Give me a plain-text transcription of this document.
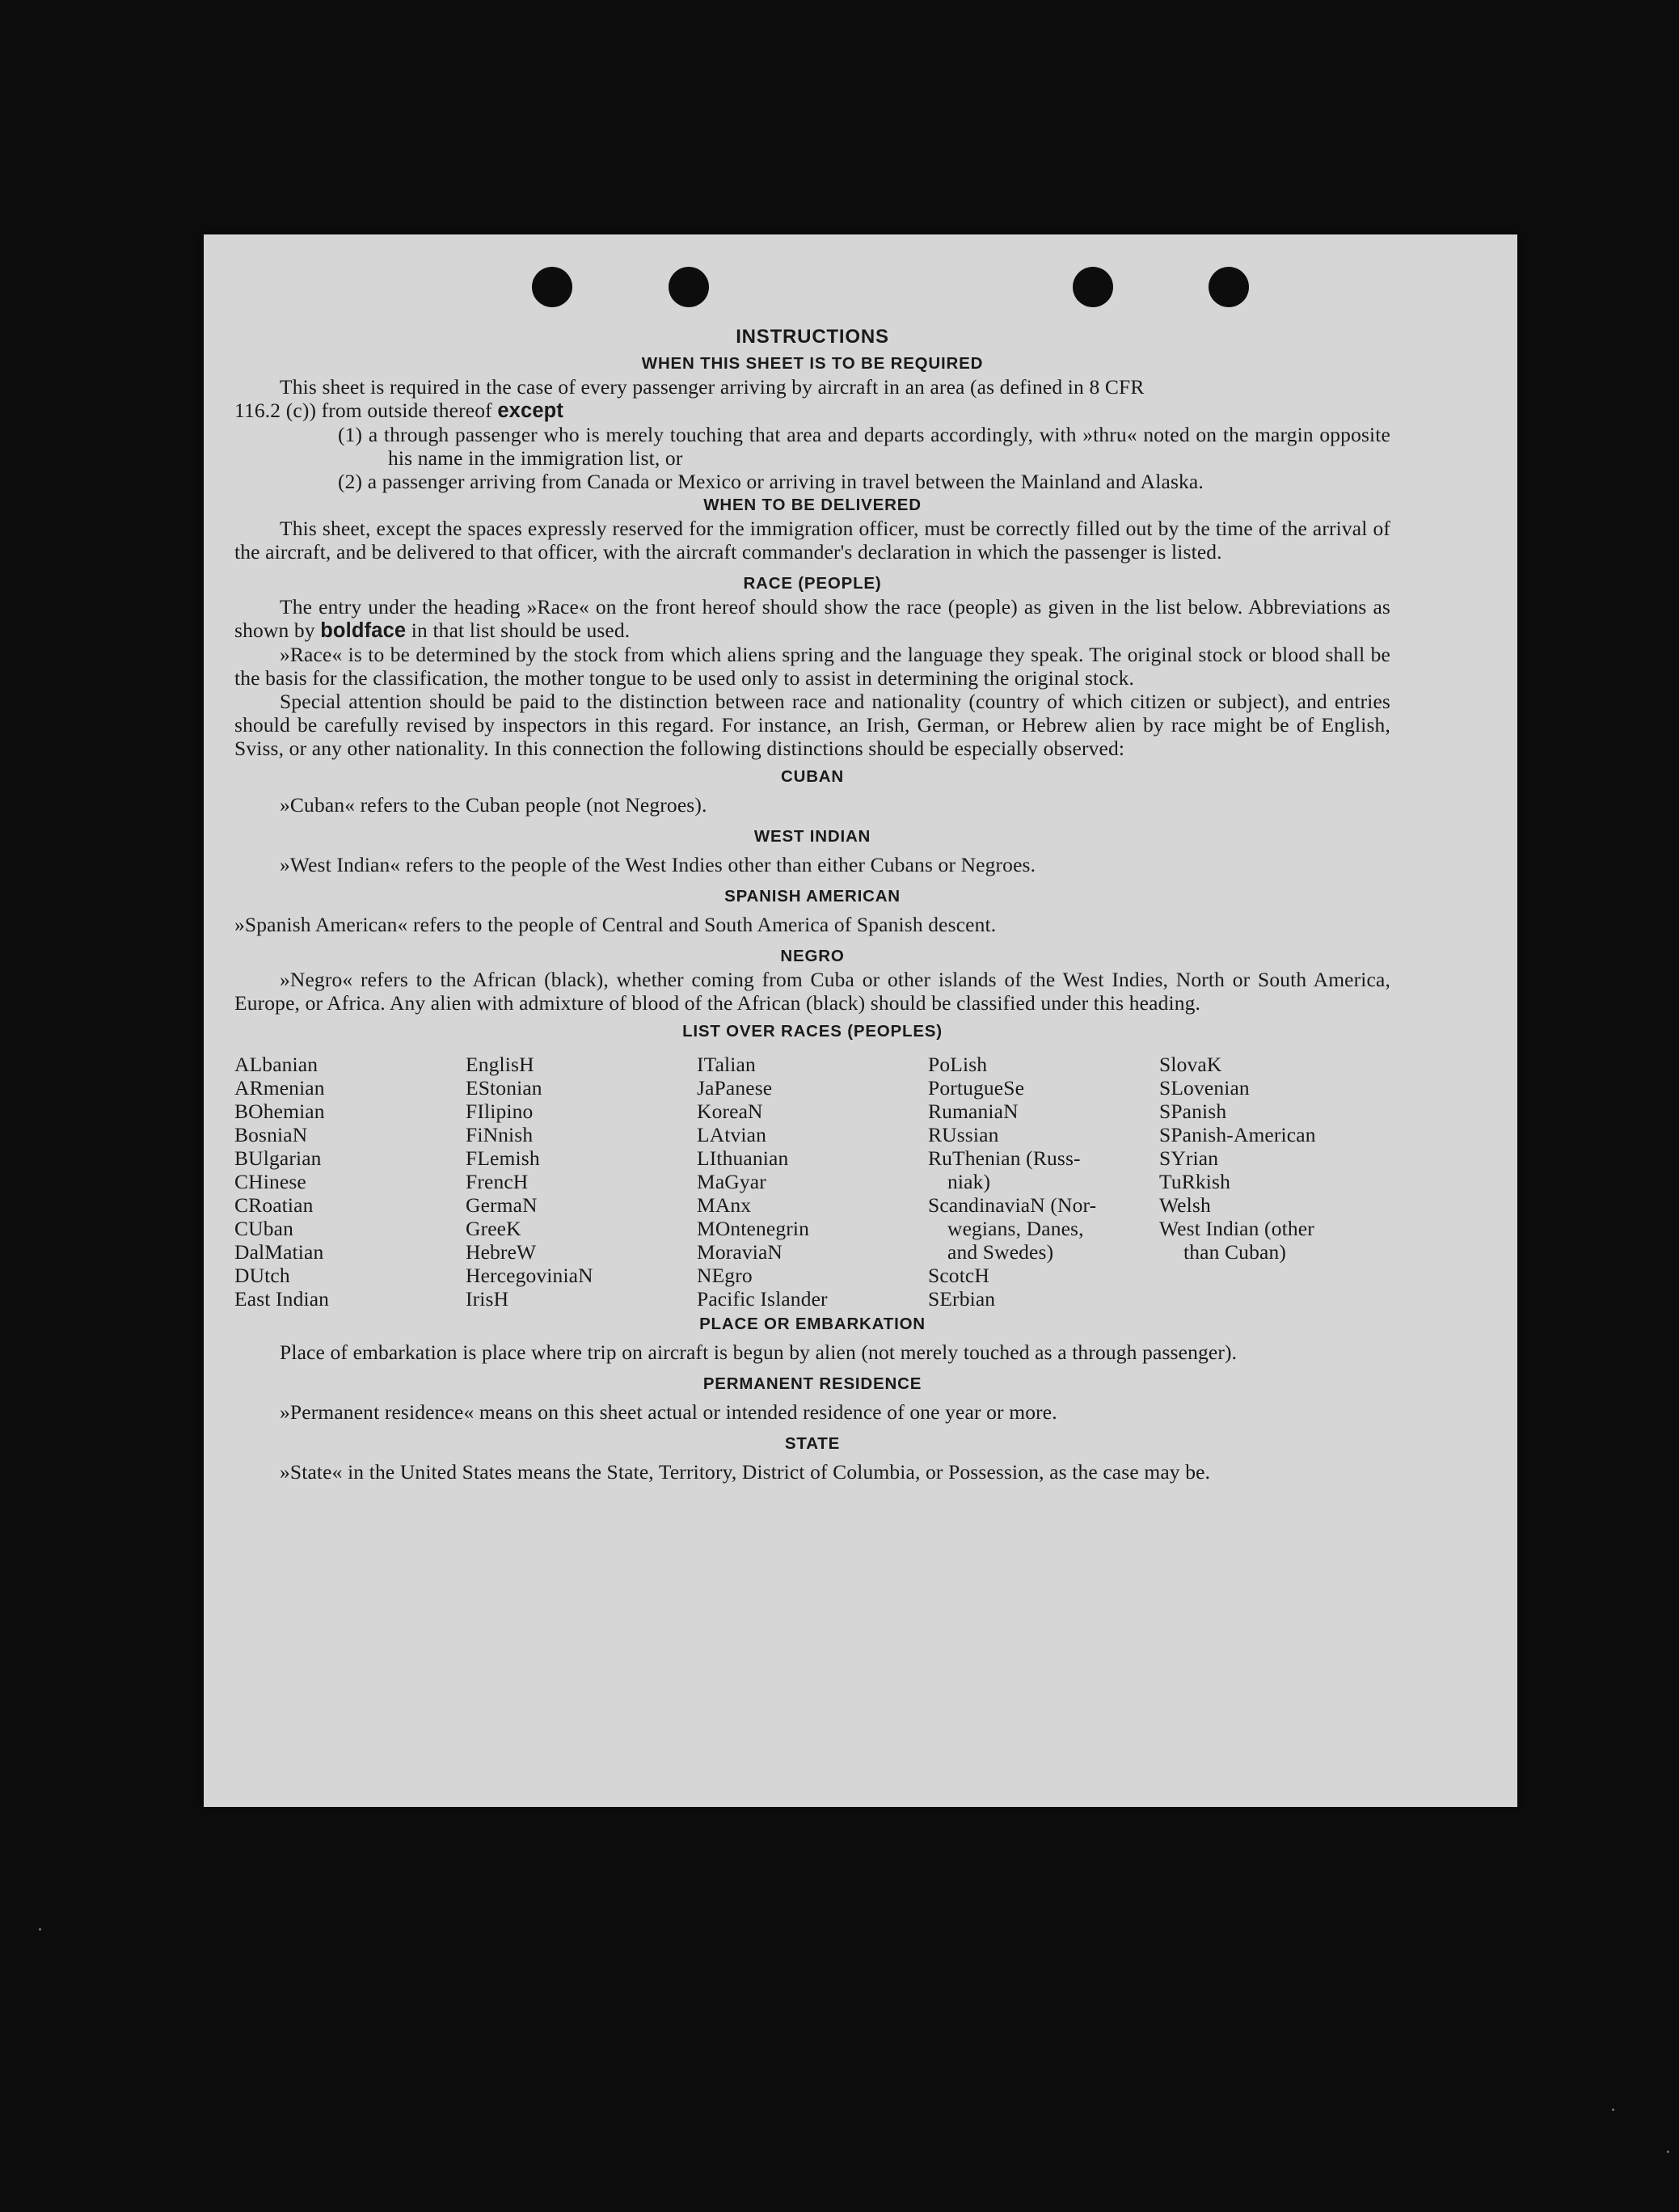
INSTRUCTIONS
WHEN THIS SHEET IS TO BE REQUIRED

This sheet is required in the case of every passenger arriving by aircraft in an area (as defined in 8 CFR

116.2 (c)) from outside thereof except

(1) a through passenger who is merely touching that area and departs accordingly, with »thru« noted on the margin opposite his name in the immigration list, or

(2) a passenger arriving from Canada or Mexico or arriving in travel between the Mainland and Alaska.

WHEN TO BE DELIVERED

This sheet, except the spaces expressly reserved for the immigration officer, must be correctly filled out by the time of the arrival of the aircraft, and be delivered to that officer, with the aircraft commander's declaration in which the passenger is listed.

RACE (PEOPLE)

The entry under the heading »Race« on the front hereof should show the race (people) as given in the list below. Abbreviations as shown by boldface in that list should be used.

»Race« is to be determined by the stock from which aliens spring and the language they speak. The original stock or blood shall be the basis for the classification, the mother tongue to be used only to assist in determining the original stock.

Special attention should be paid to the distinction between race and nationality (country of which citizen or subject), and entries should be carefully revised by inspectors in this regard. For instance, an Irish, German, or Hebrew alien by race might be of English, Sviss, or any other nationality. In this connection the following distinctions should be especially observed:

CUBAN

»Cuban« refers to the Cuban people (not Negroes).

WEST INDIAN

»West Indian« refers to the people of the West Indies other than either Cubans or Negroes.

SPANISH AMERICAN

»Spanish American« refers to the people of Central and South America of Spanish descent.

NEGRO

»Negro« refers to the African (black), whether coming from Cuba or other islands of the West Indies, North or South America, Europe, or Africa. Any alien with admixture of blood of the African (black) should be classified under this heading.

LIST OVER RACES (PEOPLES)
ALbanian
ARmenian
BOhemian
BosniaN
BUlgarian
CHinese
CRoatian
CUban
DalMatian
DUtch
East Indian
EnglisH
EStonian
FIlipino
FiNnish
FLemish
FrencH
GermaN
GreeK
HebreW
HercegoviniaN
IrisH
ITalian
JaPanese
KoreaN
LAtvian
LIthuanian
MaGyar
MAnx
MOntenegrin
MoraviaN
NEgro
Pacific Islander
PoLish
PortugueSe
RumaniaN
RUssian
RuThenian (Russ-
niak)
ScandinaviaN (Nor-
wegians, Danes,
and Swedes)
ScotcH
SErbian
SlovaK
SLovenian
SPanish
SPanish-American
SYrian
TuRkish
Welsh
West Indian (other
than Cuban)
PLACE OR EMBARKATION

Place of embarkation is place where trip on aircraft is begun by alien (not merely touched as a through passenger).

PERMANENT RESIDENCE

»Permanent residence« means on this sheet actual or intended residence of one year or more.

STATE

»State« in the United States means the State, Territory, District of Columbia, or Possession, as the case may be.
